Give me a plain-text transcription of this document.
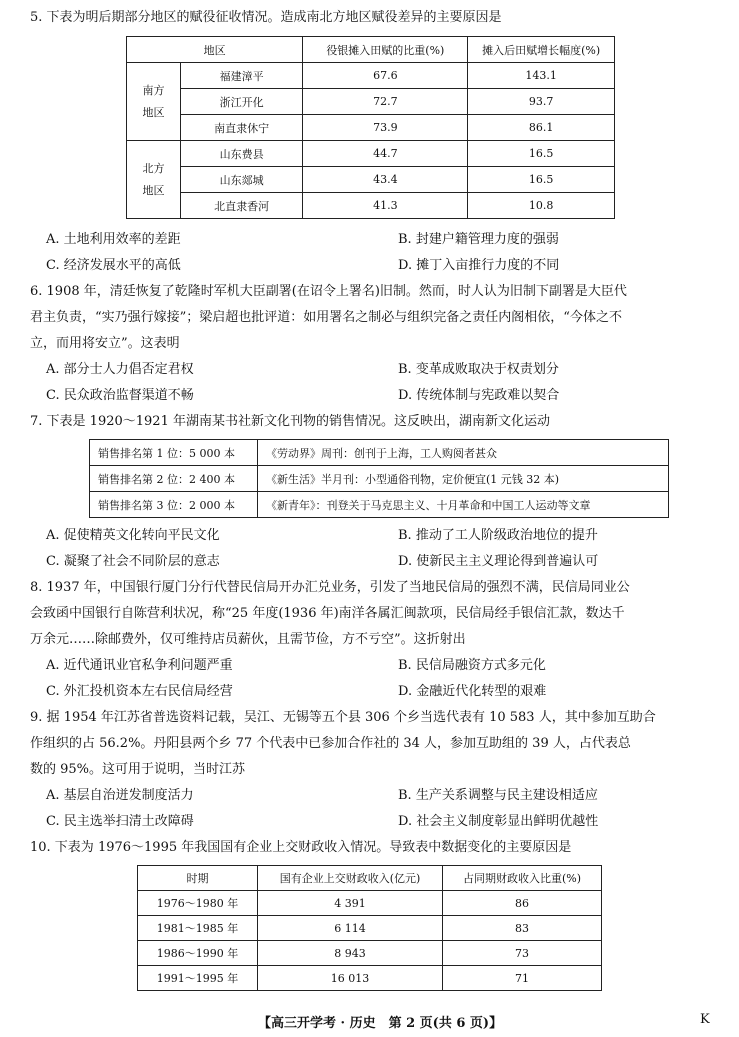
5. 下表为明后期部分地区的赋役征收情况。造成南北方地区赋役差异的主要原因是
地区		役银摊入田赋的比重(%)	摊入后田赋增长幅度(%)
南方
地区	福建漳平	67.6	143.1
	浙江开化	72.7	93.7
	南直隶休宁	73.9	86.1
北方
地区	山东费县	44.7	16.5
	山东郯城	43.4	16.5
	北直隶香河	41.3	10.8
A. 土地利用效率的差距	B. 封建户籍管理力度的强弱
C. 经济发展水平的高低	D. 摊丁入亩推行力度的不同
6. 1908 年，清廷恢复了乾隆时军机大臣副署(在诏令上署名)旧制。然而，时人认为旧制下副署是大臣代
君主负责，“实乃强行嫁接”；梁启超也批评道：如用署名之制必与组织完备之责任内阁相依，“今体之不
立，而用将安立”。这表明
A. 部分士人力倡否定君权	B. 变革成败取决于权责划分
C. 民众政治监督渠道不畅	D. 传统体制与宪政难以契合
7. 下表是 1920～1921 年湖南某书社新文化刊物的销售情况。这反映出，湖南新文化运动
销售排名第 1 位：5 000 本	《劳动界》周刊：创刊于上海，工人购阅者甚众
销售排名第 2 位：2 400 本	《新生活》半月刊：小型通俗刊物，定价便宜(1 元钱 32 本)
销售排名第 3 位：2 000 本	《新青年》：刊登关于马克思主义、十月革命和中国工人运动等文章
A. 促使精英文化转向平民文化	B. 推动了工人阶级政治地位的提升
C. 凝聚了社会不同阶层的意志	D. 使新民主主义理论得到普遍认可
8. 1937 年，中国银行厦门分行代替民信局开办汇兑业务，引发了当地民信局的强烈不满，民信局同业公
会致函中国银行自陈营利状况，称“25 年度(1936 年)南洋各属汇闽款项，民信局经手银信汇款，数达千
万余元……除邮费外，仅可维持店员薪伙，且需节俭，方不亏空”。这折射出
A. 近代通讯业官私争利问题严重	B. 民信局融资方式多元化
C. 外汇投机资本左右民信局经营	D. 金融近代化转型的艰难
9. 据 1954 年江苏省普选资料记载，吴江、无锡等五个县 306 个乡当选代表有 10 583 人，其中参加互助合
作组织的占 56.2%。丹阳县两个乡 77 个代表中已参加合作社的 34 人，参加互助组的 39 人，占代表总
数的 95%。这可用于说明，当时江苏
A. 基层自治迸发制度活力	B. 生产关系调整与民主建设相适应
C. 民主选举扫清土改障碍	D. 社会主义制度彰显出鲜明优越性
10. 下表为 1976～1995 年我国国有企业上交财政收入情况。导致表中数据变化的主要原因是
时期	国有企业上交财政收入(亿元)	占同期财政收入比重(%)
1976～1980 年	4 391	86
1981～1985 年	6 114	83
1986～1990 年	8 943	73
1991～1995 年	16 013	71
【高三开学考 · 历史　第 2 页(共 6 页)】	K
